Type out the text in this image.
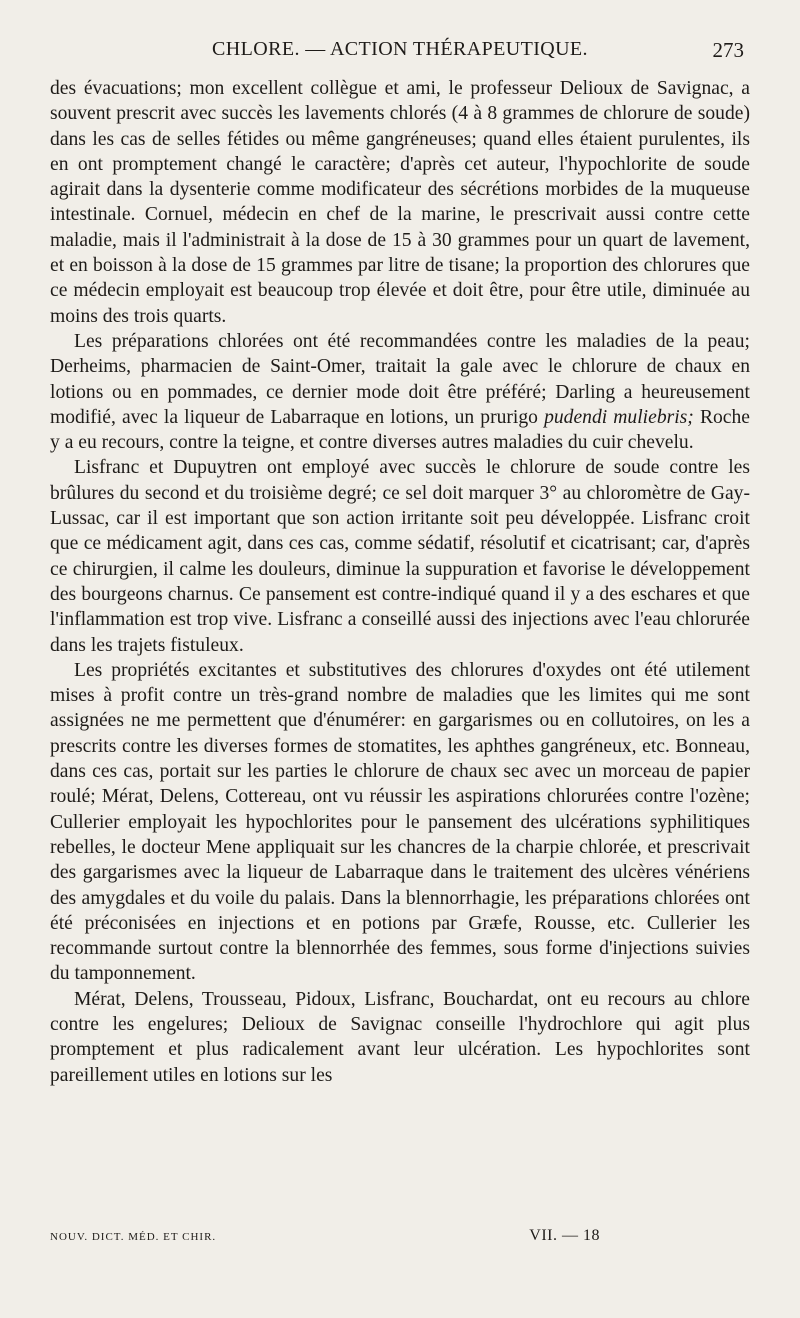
CHLORE. — ACTION THÉRAPEUTIQUE.	273

des évacuations; mon excellent collègue et ami, le professeur Delioux de Savignac, a souvent prescrit avec succès les lavements chlorés (4 à 8 grammes de chlorure de soude) dans les cas de selles fétides ou même gangréneuses; quand elles étaient purulentes, ils en ont promptement changé le caractère; d'après cet auteur, l'hypochlorite de soude agirait dans la dysenterie comme modificateur des sécrétions morbides de la muqueuse intestinale. Cornuel, médecin en chef de la marine, le prescrivait aussi contre cette maladie, mais il l'administrait à la dose de 15 à 30 grammes pour un quart de lavement, et en boisson à la dose de 15 grammes par litre de tisane; la proportion des chlorures que ce médecin employait est beaucoup trop élevée et doit être, pour être utile, diminuée au moins des trois quarts.

Les préparations chlorées ont été recommandées contre les maladies de la peau; Derheims, pharmacien de Saint-Omer, traitait la gale avec le chlorure de chaux en lotions ou en pommades, ce dernier mode doit être préféré; Darling a heureusement modifié, avec la liqueur de Labarraque en lotions, un prurigo pudendi muliebris; Roche y a eu recours, contre la teigne, et contre diverses autres maladies du cuir chevelu.

Lisfranc et Dupuytren ont employé avec succès le chlorure de soude contre les brûlures du second et du troisième degré; ce sel doit marquer 3° au chloromètre de Gay-Lussac, car il est important que son action irritante soit peu développée. Lisfranc croit que ce médicament agit, dans ces cas, comme sédatif, résolutif et cicatrisant; car, d'après ce chirurgien, il calme les douleurs, diminue la suppuration et favorise le développement des bourgeons charnus. Ce pansement est contre-indiqué quand il y a des eschares et que l'inflammation est trop vive. Lisfranc a conseillé aussi des injections avec l'eau chlorurée dans les trajets fistuleux.

Les propriétés excitantes et substitutives des chlorures d'oxydes ont été utilement mises à profit contre un très-grand nombre de maladies que les limites qui me sont assignées ne me permettent que d'énumérer: en gargarismes ou en collutoires, on les a prescrits contre les diverses formes de stomatites, les aphthes gangréneux, etc. Bonneau, dans ces cas, portait sur les parties le chlorure de chaux sec avec un morceau de papier roulé; Mérat, Delens, Cottereau, ont vu réussir les aspirations chlorurées contre l'ozène; Cullerier employait les hypochlorites pour le pansement des ulcérations syphilitiques rebelles, le docteur Mene appliquait sur les chancres de la charpie chlorée, et prescrivait des gargarismes avec la liqueur de Labarraque dans le traitement des ulcères vénériens des amygdales et du voile du palais. Dans la blennorrhagie, les préparations chlorées ont été préconisées en injections et en potions par Græfe, Rousse, etc. Cullerier les recommande surtout contre la blennorrhée des femmes, sous forme d'injections suivies du tamponnement.

Mérat, Delens, Trousseau, Pidoux, Lisfranc, Bouchardat, ont eu recours au chlore contre les engelures; Delioux de Savignac conseille l'hydrochlore qui agit plus promptement et plus radicalement avant leur ulcération. Les hypochlorites sont pareillement utiles en lotions sur les

NOUV. DICT. MÉD. ET CHIR.	VII. — 18
